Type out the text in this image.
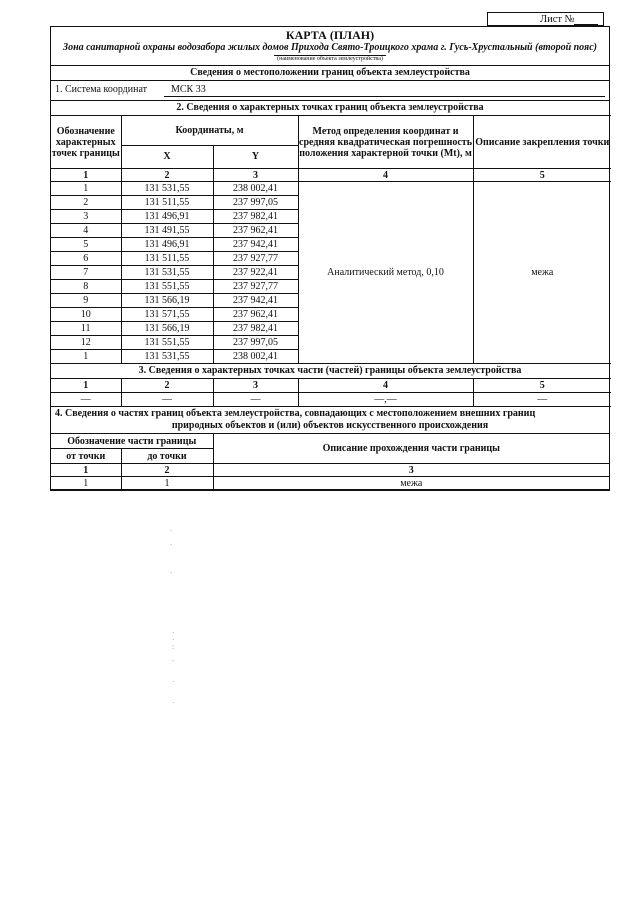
Лист №
КАРТА (ПЛАН)
Зона санитарной охраны водозабора жилых домов Прихода Свято-Троицкого храма г. Гусь-Хрустальный (второй пояс)
(наименование объекта землеустройства)
Сведения о местоположении границ объекта землеустройства
1. Система координат МСК 33
2. Сведения о характерных точках границ объекта землеустройства
Обозначение характерных точек границы	Координаты, м		Метод определения координат и средняя квадратическая погрешность положения характерной точки (Mt), м	Описание закрепления точки
	X	Y		
1	2	3	4	5
1	131 531,55	238 002,41	Аналитический метод, 0,10	межа
2	131 511,55	237 997,05		
3	131 496,91	237 982,41		
4	131 491,55	237 962,41		
5	131 496,91	237 942,41		
6	131 511,55	237 927,77		
7	131 531,55	237 922,41		
8	131 551,55	237 927,77		
9	131 566,19	237 942,41		
10	131 571,55	237 962,41		
11	131 566,19	237 982,41		
12	131 551,55	237 997,05		
1	131 531,55	238 002,41		
3. Сведения о характерных точках части (частей) границы объекта землеустройства
1	2	3	4	5
—	—	—	—,—	—
4. Сведения о частях границ объекта землеустройства, совпадающих с местоположением внешних границ
природных объектов и (или) объектов искусственного происхождения
Обозначение части границы		Описание прохождения части границы
от точки	до точки	
1	2	3
1	1	межа
·

·

·
·
·
:

·

·

·
